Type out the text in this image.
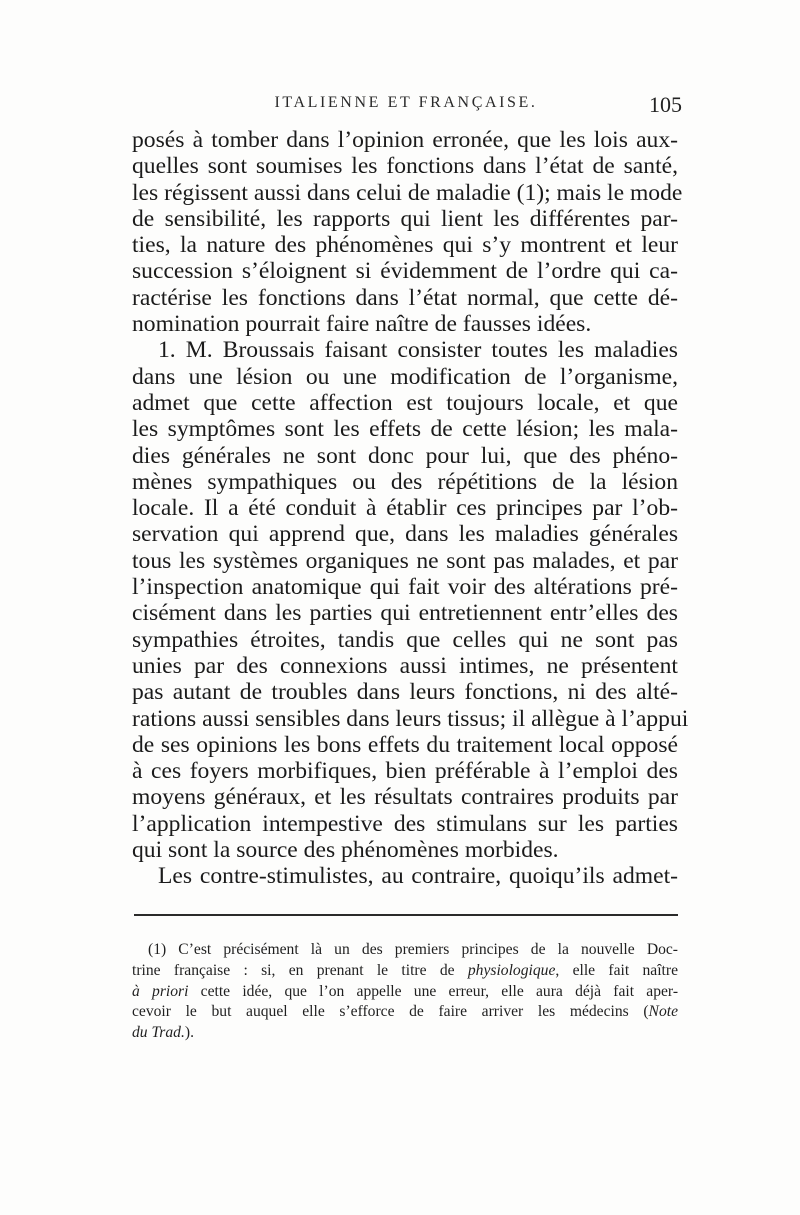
ITALIENNE ET FRANÇAISE.	105
posés à tomber dans l’opinion erronée, que les lois aux-
quelles sont soumises les fonctions dans l’état de santé,
les régissent aussi dans celui de maladie (1); mais le mode
de sensibilité, les rapports qui lient les différentes par-
ties, la nature des phénomènes qui s’y montrent et leur
succession s’éloignent si évidemment de l’ordre qui ca-
ractérise les fonctions dans l’état normal, que cette dé-
nomination pourrait faire naître de fausses idées.
1. M. Broussais faisant consister toutes les maladies
dans une lésion ou une modification de l’organisme,
admet que cette affection est toujours locale, et que
les symptômes sont les effets de cette lésion; les mala-
dies générales ne sont donc pour lui, que des phéno-
mènes sympathiques ou des répétitions de la lésion
locale. Il a été conduit à établir ces principes par l’ob-
servation qui apprend que, dans les maladies générales
tous les systèmes organiques ne sont pas malades, et par
l’inspection anatomique qui fait voir des altérations pré-
cisément dans les parties qui entretiennent entr’elles des
sympathies étroites, tandis que celles qui ne sont pas
unies par des connexions aussi intimes, ne présentent
pas autant de troubles dans leurs fonctions, ni des alté-
rations aussi sensibles dans leurs tissus; il allègue à l’appui
de ses opinions les bons effets du traitement local opposé
à ces foyers morbifiques, bien préférable à l’emploi des
moyens généraux, et les résultats contraires produits par
l’application intempestive des stimulans sur les parties
qui sont la source des phénomènes morbides.
Les contre-stimulistes, au contraire, quoiqu’ils admet-
(1) C’est précisément là un des premiers principes de la nouvelle Doc-
trine française : si, en prenant le titre de physiologique, elle fait naître
à priori cette idée, que l’on appelle une erreur, elle aura déjà fait aper-
cevoir le but auquel elle s’efforce de faire arriver les médecins (Note
du Trad.).
